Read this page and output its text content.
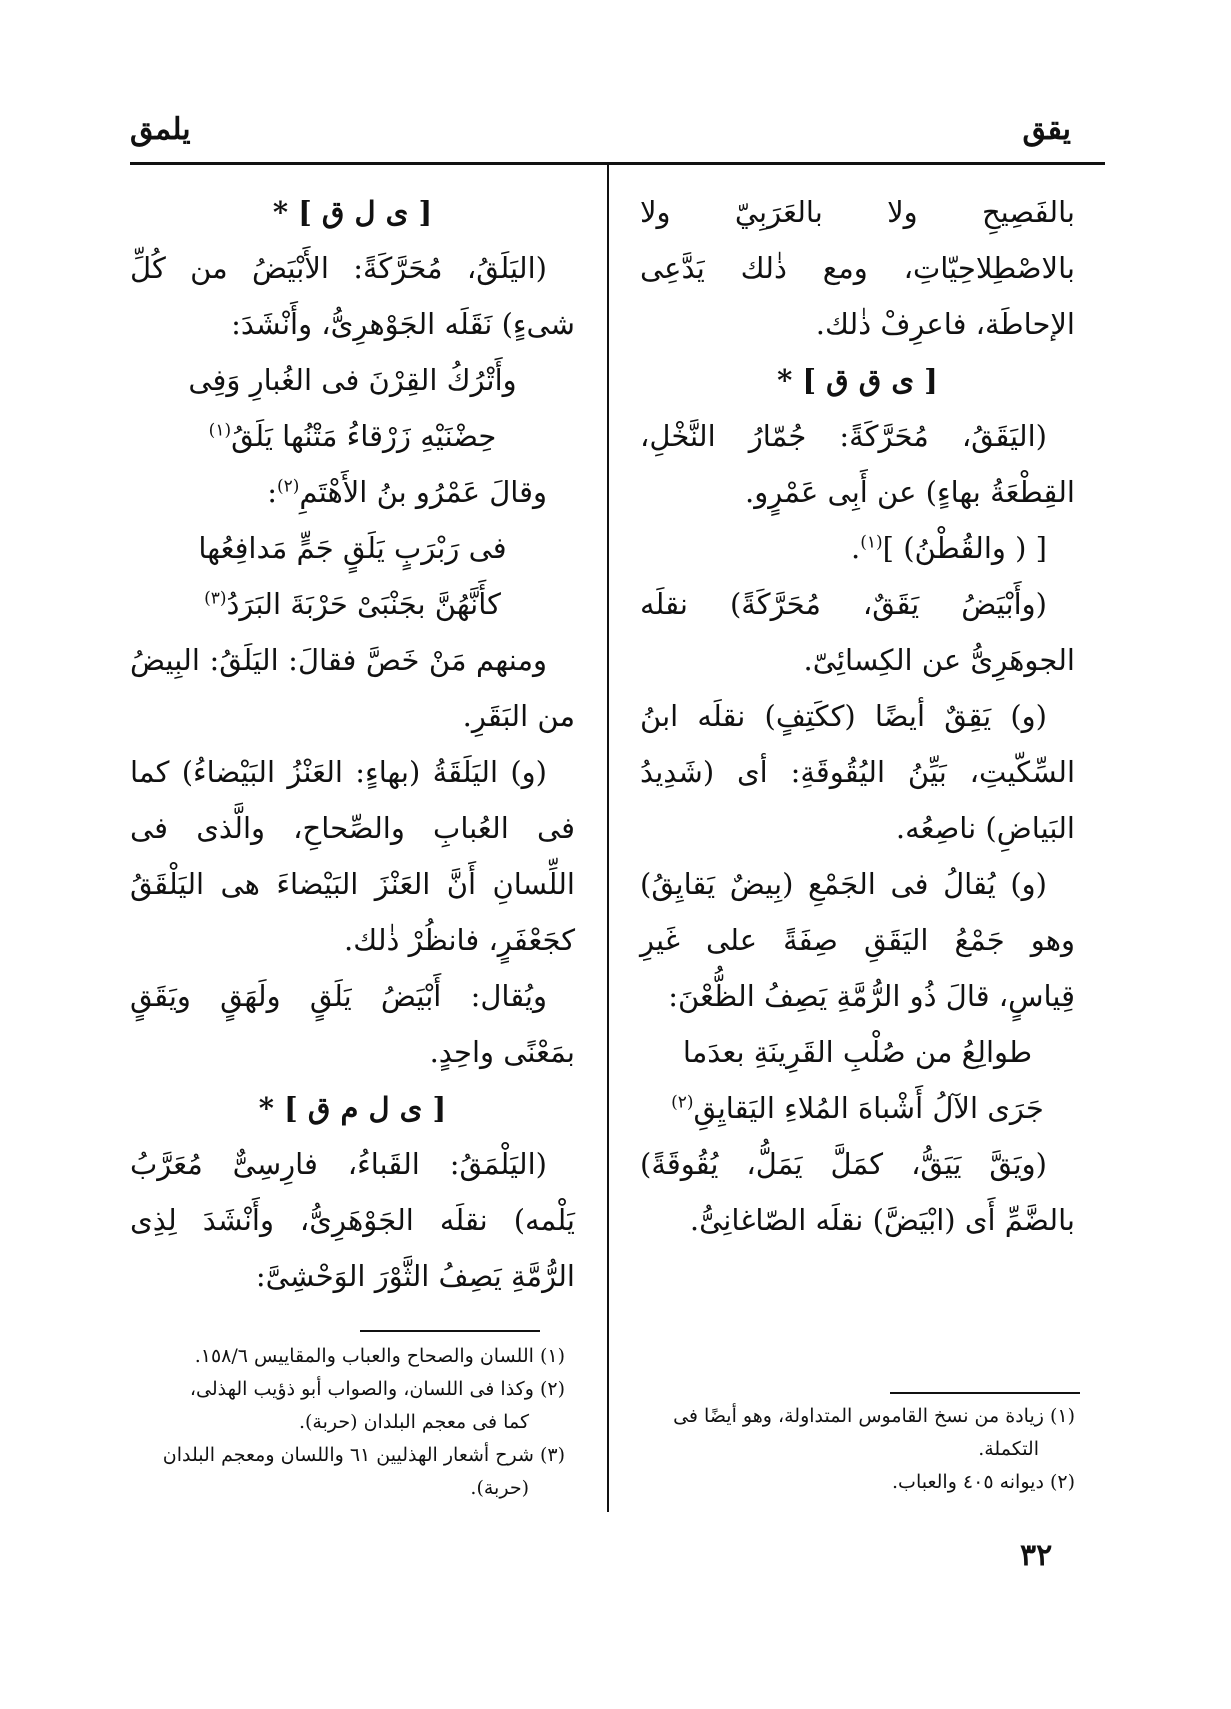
يقق
يلمق

بالفَصِيحِ ولا بالعَرَبِيّ ولا بالاصْطِلاحِيّاتِ، ومع ذٰلك يَدَّعِى الإحاطَة، فاعرِفْ ذٰلك.

[ ى ق ق ] *

(اليَقَقُ، مُحَرَّكَةً: جُمّارُ النَّخْلِ، القِطْعَةُ بهاءٍ) عن أَبِى عَمْرٍو.

[ ( والقُطْنُ) ]$^{(١)}$.

(وأَبْيَضُ يَقَقٌ، مُحَرَّكَةً) نقلَه الجوهَرِىُّ عن الكِسائِىّ.

(و) يَقِقٌ أيضًا (ككَتِفٍ) نقلَه ابنُ السِّكّيتِ، بَيِّنُ اليُقُوقَةِ: أى (شَدِيدُ البَياضِ) ناصِعُه.

(و) يُقالُ فى الجَمْعِ (بِيضٌ يَقايِقُ) وهو جَمْعُ اليَقَقِ صِفَةً على غَيرِ قِياسٍ، قالَ ذُو الرُّمَّةِ يَصِفُ الظُّعْنَ:

طوالِعُ من صُلْبِ القَرِينَةِ بعدَما

جَرَى الآلُ أَشْباهَ المُلاءِ اليَقايِقِ$^{(٢)}$

(ويَقَّ يَيَقُّ، كمَلَّ يَمَلُّ، يُقُوقَةً) بالضَّمِّ أَى (ابْيَضَّ) نقلَه الصّاغانِىُّ.

[ ى ل ق ] *

(اليَلَقُ، مُحَرَّكَةً: الأَبْيَضُ من كُلِّ شىءٍ) نَقَلَه الجَوْهرِىُّ، وأَنْشَدَ:

وأَتْرُكُ القِرْنَ فى الغُبارِ وَفِى

حِضْنَيْهِ زَرْقاءُ مَتْنُها يَلَقُ$^{(١)}$

وقالَ عَمْرُو بنُ الأَهْتَمِ$^{(٢)}$:

فى رَبْرَبٍ يَلَقٍ جَمٍّ مَدافِعُها

كأَنَّهُنَّ بجَنْبَىْ حَرْبَةَ البَرَدُ$^{(٣)}$

ومنهم مَنْ خَصَّ فقالَ: اليَلَقُ: البِيضُ من البَقَرِ.

(و) اليَلَقَةُ (بهاءٍ: العَنْزُ البَيْضاءُ) كما فى العُبابِ والصِّحاحِ، والَّذى فى اللِّسانِ أَنَّ العَنْزَ البَيْضاءَ هى اليَلْقَقُ كجَعْفَرٍ، فانظُرْ ذٰلك.

ويُقال: أَبْيَضُ يَلَقٍ ولَهَقٍ ويَقَقٍ بمَعْنًى واحِدٍ.

[ ى ل م ق ] *

(اليَلْمَقُ: القَباءُ، فارِسِىٌّ مُعَرَّبُ يَلْمه) نقلَه الجَوْهَرِىُّ، وأَنْشَدَ لِذِى الرُّمَّةِ يَصِفُ الثَّوْرَ الوَحْشِىَّ:

(١) اللسان والصحاح والعباب والمقاييس ١٥٨/٦.

(٢) وكذا فى اللسان، والصواب أبو ذؤيب الهذلى،

كما فى معجم البلدان (حربة).

(٣) شرح أشعار الهذليين ٦١ واللسان ومعجم البلدان

(حربة).

(١) زيادة من نسخ القاموس المتداولة، وهو أيضًا فى

التكملة.

(٢) ديوانه ٤٠٥ والعباب.

٣٢
